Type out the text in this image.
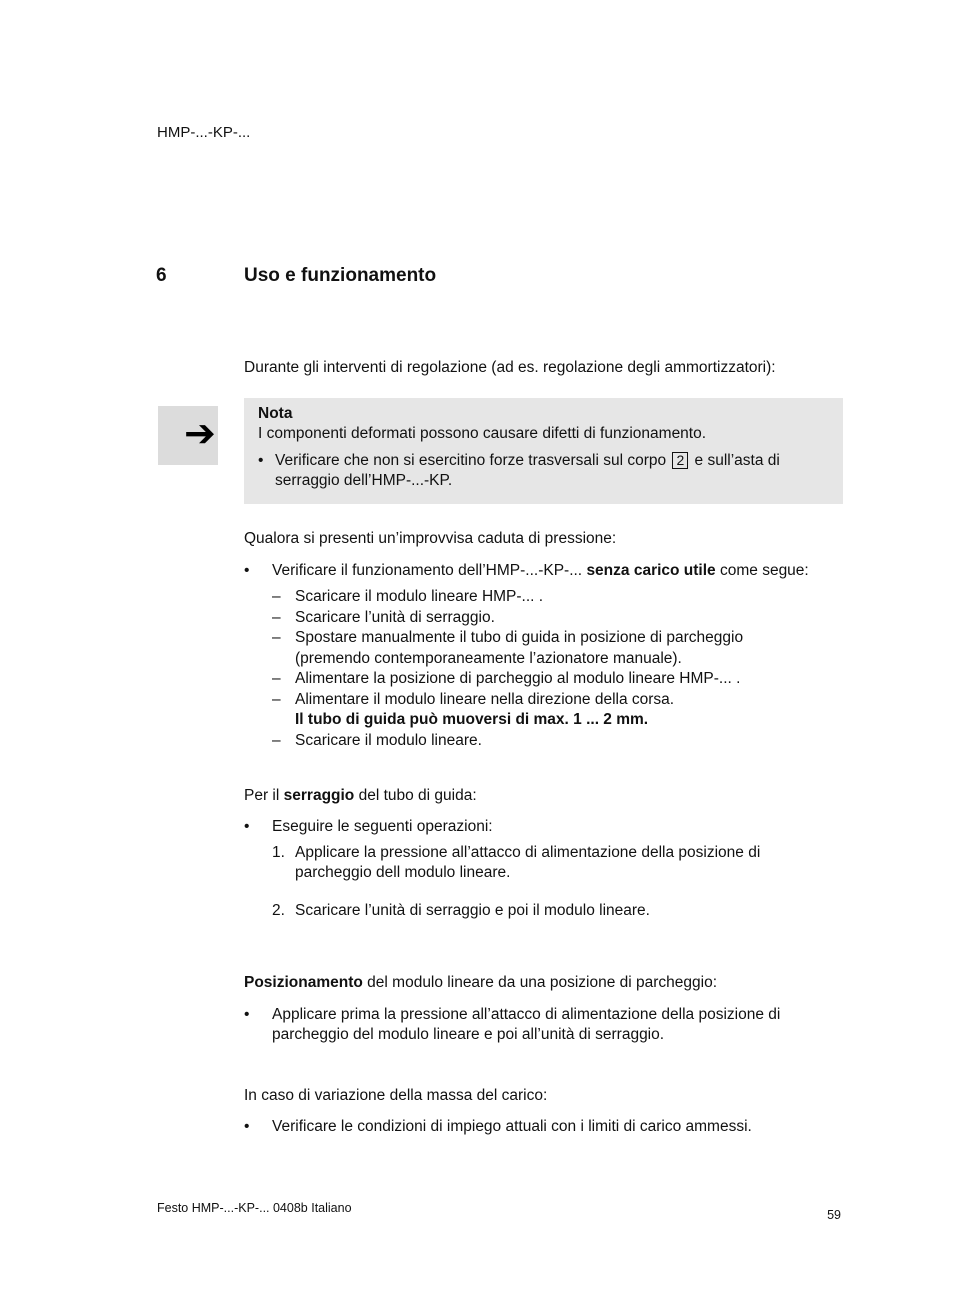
HMP-...-KP-...
6	Uso e funzionamento
Durante gli interventi di regolazione (ad es. regolazione degli ammortizzatori):
➔	Nota
I componenti deformati possono causare difetti di funzionamento.
• Verificare che non si esercitino forze trasversali sul corpo 2 e sull’asta di
serraggio dell’HMP-...-KP.
Qualora si presenti un’improvvisa caduta di pressione:
• Verificare il funzionamento dell’HMP-...-KP-... senza carico utile come segue:
– Scaricare il modulo lineare HMP-... .
– Scaricare l’unità di serraggio.
– Spostare manualmente il tubo di guida in posizione di parcheggio
(premendo contemporaneamente l’azionatore manuale).
– Alimentare la posizione di parcheggio al modulo lineare HMP-... .
– Alimentare il modulo lineare nella direzione della corsa.
Il tubo di guida può muoversi di max. 1 ... 2 mm.
– Scaricare il modulo lineare.
Per il serraggio del tubo di guida:
• Eseguire le seguenti operazioni:
1. Applicare la pressione all’attacco di alimentazione della posizione di
parcheggio dell modulo lineare.
2. Scaricare l’unità di serraggio e poi il modulo lineare.
Posizionamento del modulo lineare da una posizione di parcheggio:
• Applicare prima la pressione all’attacco di alimentazione della posizione di
parcheggio del modulo lineare e poi all’unità di serraggio.
In caso di variazione della massa del carico:
• Verificare le condizioni di impiego attuali con i limiti di carico ammessi.
Festo HMP-...-KP-... 0408b Italiano	59
